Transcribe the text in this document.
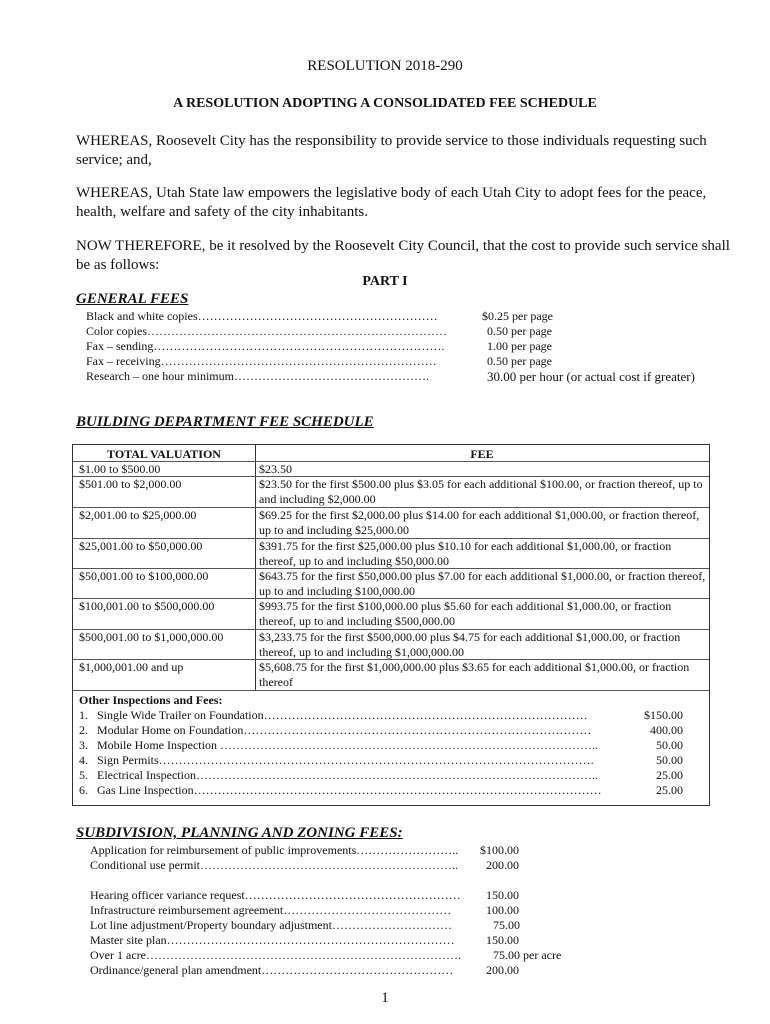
RESOLUTION 2018-290
A RESOLUTION ADOPTING A CONSOLIDATED FEE SCHEDULE
WHEREAS, Roosevelt City has the responsibility to provide service to those individuals requesting such service; and,
WHEREAS, Utah State law empowers the legislative body of each Utah City to adopt fees for the peace, health, welfare and safety of the city inhabitants.
NOW THEREFORE, be it resolved by the Roosevelt City Council, that the cost to provide such service shall be as follows:
PART I
GENERAL FEES
Black and white copies……………………………………………………	$0.25 per page
Color copies…………………………………………………………………	0.50 per page
Fax – sending……………………………………………………………….	1.00 per page
Fax – receiving……………………………………………………………	0.50 per page
Research – one hour minimum………………………………………….	30.00 per hour (or actual cost if greater)
BUILDING DEPARTMENT FEE SCHEDULE
TOTAL VALUATION	FEE
$1.00 to $500.00	$23.50
$501.00 to $2,000.00	$23.50 for the first $500.00 plus $3.05 for each additional $100.00, or fraction thereof, up to and including $2,000.00
$2,001.00 to $25,000.00	$69.25 for the first $2,000.00 plus $14.00 for each additional $1,000.00, or fraction thereof, up to and including $25,000.00
$25,001.00 to $50,000.00	$391.75 for the first $25,000.00 plus $10.10 for each additional $1,000.00, or fraction thereof, up to and including $50,000.00
$50,001.00 to $100,000.00	$643.75 for the first $50,000.00 plus $7.00 for each additional $1,000.00, or fraction thereof, up to and including $100,000.00
$100,001.00 to $500,000.00	$993.75 for the first $100,000.00 plus $5.60 for each additional $1,000.00, or fraction thereof, up to and including $500,000.00
$500,001.00 to $1,000,000.00	$3,233.75 for the first $500,000.00 plus $4.75 for each additional $1,000.00, or fraction thereof, up to and including $1,000,000.00
$1,000,001.00 and up	$5,608.75 for the first $1,000,000.00 plus $3.65 for each additional $1,000.00, or fraction thereof
Other Inspections and Fees:
1. Single Wide Trailer on Foundation………………………………………………………………………	$150.00
2. Modular Home on Foundation……………………………………………………………………………	400.00
3. Mobile Home Inspection …………………………………………………………………………………..	50.00
4. Sign Permits……………………………………………………………………………………………….	50.00
5. Electrical Inspection………………………………………………………………………………………..	25.00
6. Gas Line Inspection…………………………………………………………………………………………	25.00
SUBDIVISION, PLANNING AND ZONING FEES:
Application for reimbursement of public improvements…………………….. $100.00
Conditional use permit……………………………………………………….. 200.00
Hearing officer variance request……………………………………………… 150.00
Infrastructure reimbursement agreement……………………………………	100.00
Lot line adjustment/Property boundary adjustment…………………………	75.00
Master site plan………………………………………………………………	150.00
Over 1 acre…………………………………………………………………….	75.00 per acre
Ordinance/general plan amendment…………………………………………	200.00
1
